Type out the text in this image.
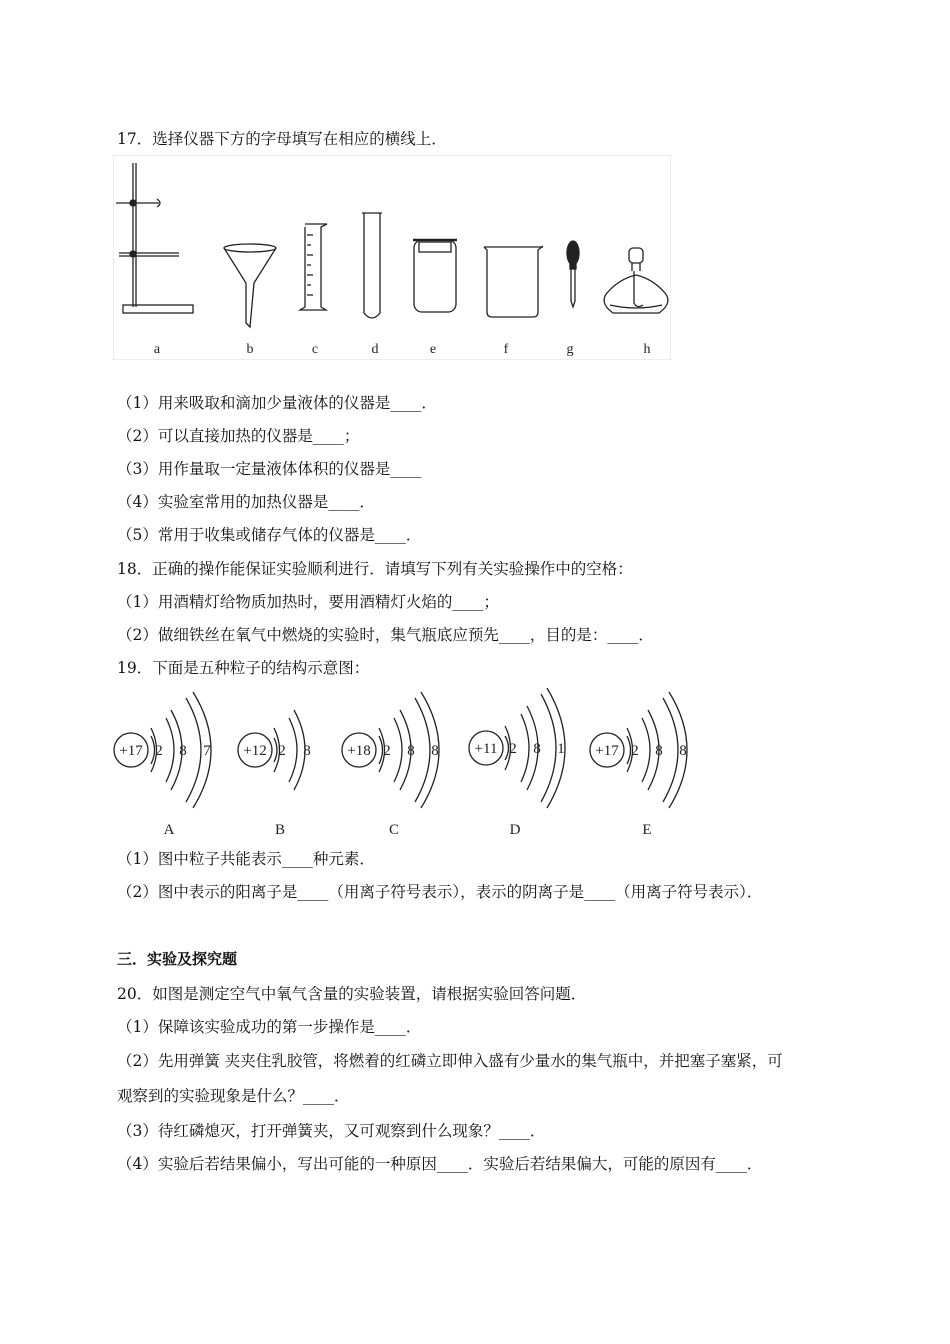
17．选择仪器下方的字母填写在相应的横线上．
a	b	c	d	e	f	g	h
（1）用来吸取和滴加少量液体的仪器是____．
（2）可以直接加热的仪器是____；
（3）用作量取一定量液体体积的仪器是____
（4）实验室常用的加热仪器是____．
（5）常用于收集或储存气体的仪器是____．
18．正确的操作能保证实验顺利进行．请填写下列有关实验操作中的空格：
（1）用酒精灯给物质加热时，要用酒精灯火焰的____；
（2）做细铁丝在氧气中燃烧的实验时，集气瓶底应预先____，目的是：____．
19．下面是五种粒子的结构示意图：
+17 2 8 7
A
+12 2 8
B
+18 2 8 8
C
+11 2 8 1
D
+17 2 8 8
E
（1）图中粒子共能表示____种元素．
（2）图中表示的阳离子是____（用离子符号表示），表示的阴离子是____（用离子符号表示）．
三．实验及探究题
20．如图是测定空气中氧气含量的实验装置，请根据实验回答问题．
（1）保障该实验成功的第一步操作是____．
（2）先用弹簧 夹夹住乳胶管，将燃着的红磷立即伸入盛有少量水的集气瓶中，并把塞子塞紧，可
观察到的实验现象是什么？____．
（3）待红磷熄灭，打开弹簧夹，又可观察到什么现象？____．
（4）实验后若结果偏小，写出可能的一种原因____．实验后若结果偏大，可能的原因有____．
